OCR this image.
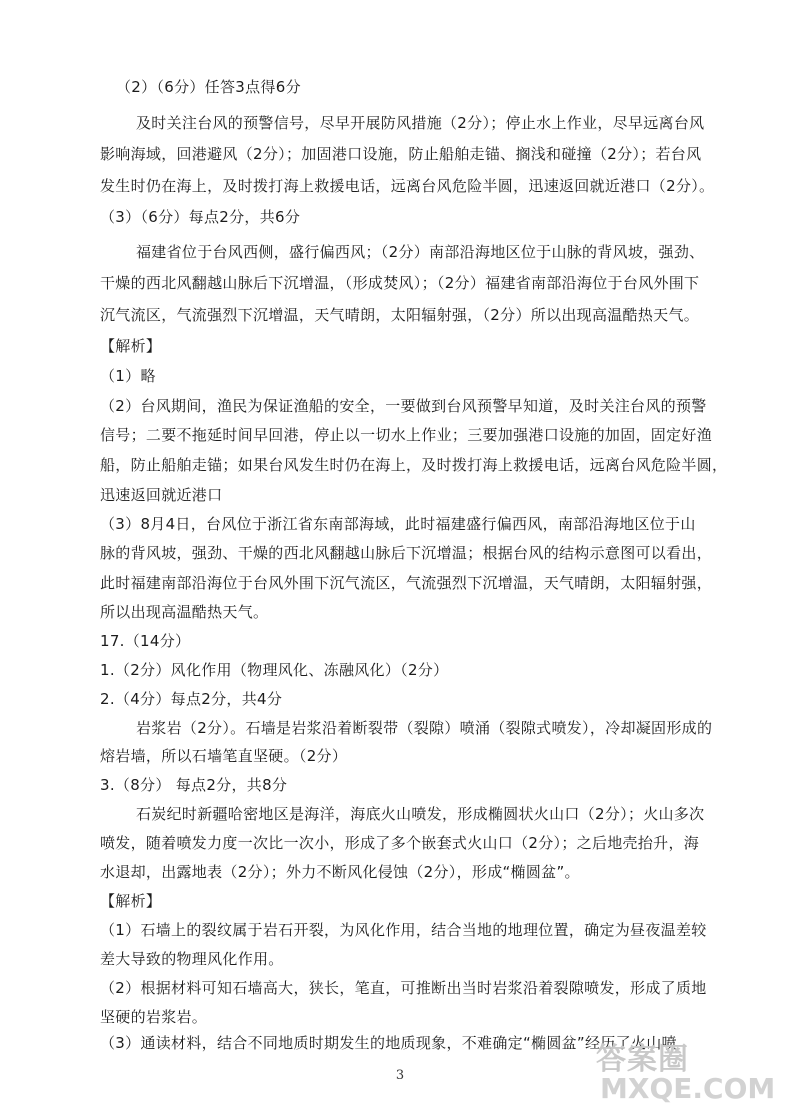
（2）（6分）任答3点得6分
及时关注台风的预警信号，尽早开展防风措施（2分）；停止水上作业，尽早远离台风
影响海域，回港避风（2分）；加固港口设施，防止船舶走锚、搁浅和碰撞（2分）；若台风
发生时仍在海上，及时拨打海上救援电话，远离台风危险半圆，迅速返回就近港口（2分）。
（3）（6分）每点2分，共6分
福建省位于台风西侧，盛行偏西风；（2分）南部沿海地区位于山脉的背风坡，强劲、
干燥的西北风翻越山脉后下沉增温，（形成焚风）；（2分）福建省南部沿海位于台风外围下
沉气流区，气流强烈下沉增温，天气晴朗，太阳辐射强，（2分）所以出现高温酷热天气。
【解析】
（1）略
（2）台风期间，渔民为保证渔船的安全，一要做到台风预警早知道，及时关注台风的预警
信号；二要不拖延时间早回港，停止以一切水上作业；三要加强港口设施的加固，固定好渔
船，防止船舶走锚；如果台风发生时仍在海上，及时拨打海上救援电话，远离台风危险半圆，
迅速返回就近港口
（3）8月4日，台风位于浙江省东南部海域，此时福建盛行偏西风，南部沿海地区位于山
脉的背风坡，强劲、干燥的西北风翻越山脉后下沉增温；根据台风的结构示意图可以看出，
此时福建南部沿海位于台风外围下沉气流区，气流强烈下沉增温，天气晴朗，太阳辐射强，
所以出现高温酷热天气。
17.（14分）
1.（2分）风化作用（物理风化、冻融风化）（2分）
2.（4分）每点2分，共4分
岩浆岩（2分）。石墙是岩浆沿着断裂带（裂隙）喷涌（裂隙式喷发），冷却凝固形成的
熔岩墙，所以石墙笔直坚硬。（2分）
3.（8分） 每点2分，共8分
石炭纪时新疆哈密地区是海洋，海底火山喷发，形成椭圆状火山口（2分）；火山多次
喷发，随着喷发力度一次比一次小，形成了多个嵌套式火山口（2分）；之后地壳抬升，海
水退却，出露地表（2分）；外力不断风化侵蚀（2分），形成“椭圆盆”。
【解析】
（1）石墙上的裂纹属于岩石开裂，为风化作用，结合当地的地理位置，确定为昼夜温差较
差大导致的物理风化作用。
（2）根据材料可知石墙高大，狭长，笔直，可推断出当时岩浆沿着裂隙喷发，形成了质地
坚硬的岩浆岩。
（3）通读材料，结合不同地质时期发生的地质现象，不难确定“椭圆盆”经历了火山喷
答案圈
MXQE.COM
3
